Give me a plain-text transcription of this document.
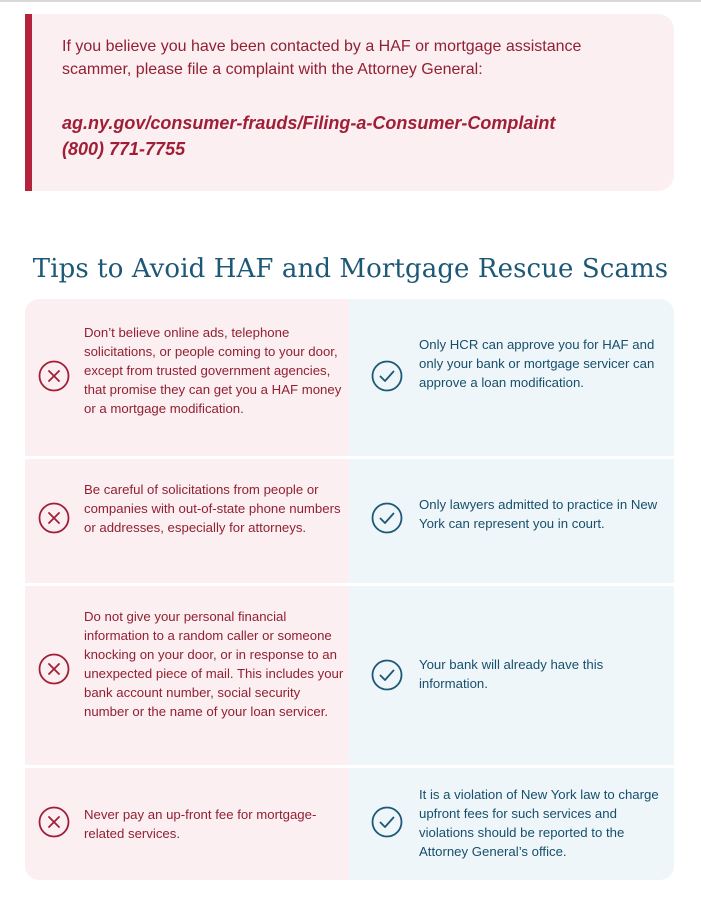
If you believe you have been contacted by a HAF or mortgage assistance scammer, please file a complaint with the Attorney General:
ag.ny.gov/consumer-frauds/Filing-a-Consumer-Complaint
(800) 771-7755
Tips to Avoid HAF and Mortgage Rescue Scams
Don’t believe online ads, telephone solicitations, or people coming to your door, except from trusted government agencies, that promise they can get you a HAF money or a mortgage modification.
Only HCR can approve you for HAF and only your bank or mortgage servicer can approve a loan modification.
Be careful of solicitations from people or companies with out-of-state phone numbers or addresses, especially for attorneys.
Only lawyers admitted to practice in New York can represent you in court.
Do not give your personal financial information to a random caller or someone knocking on your door, or in response to an unexpected piece of mail. This includes your bank account number, social security number or the name of your loan servicer.
Your bank will already have this information.
Never pay an up-front fee for mortgage-related services.
It is a violation of New York law to charge upfront fees for such services and violations should be reported to the Attorney General’s office.
